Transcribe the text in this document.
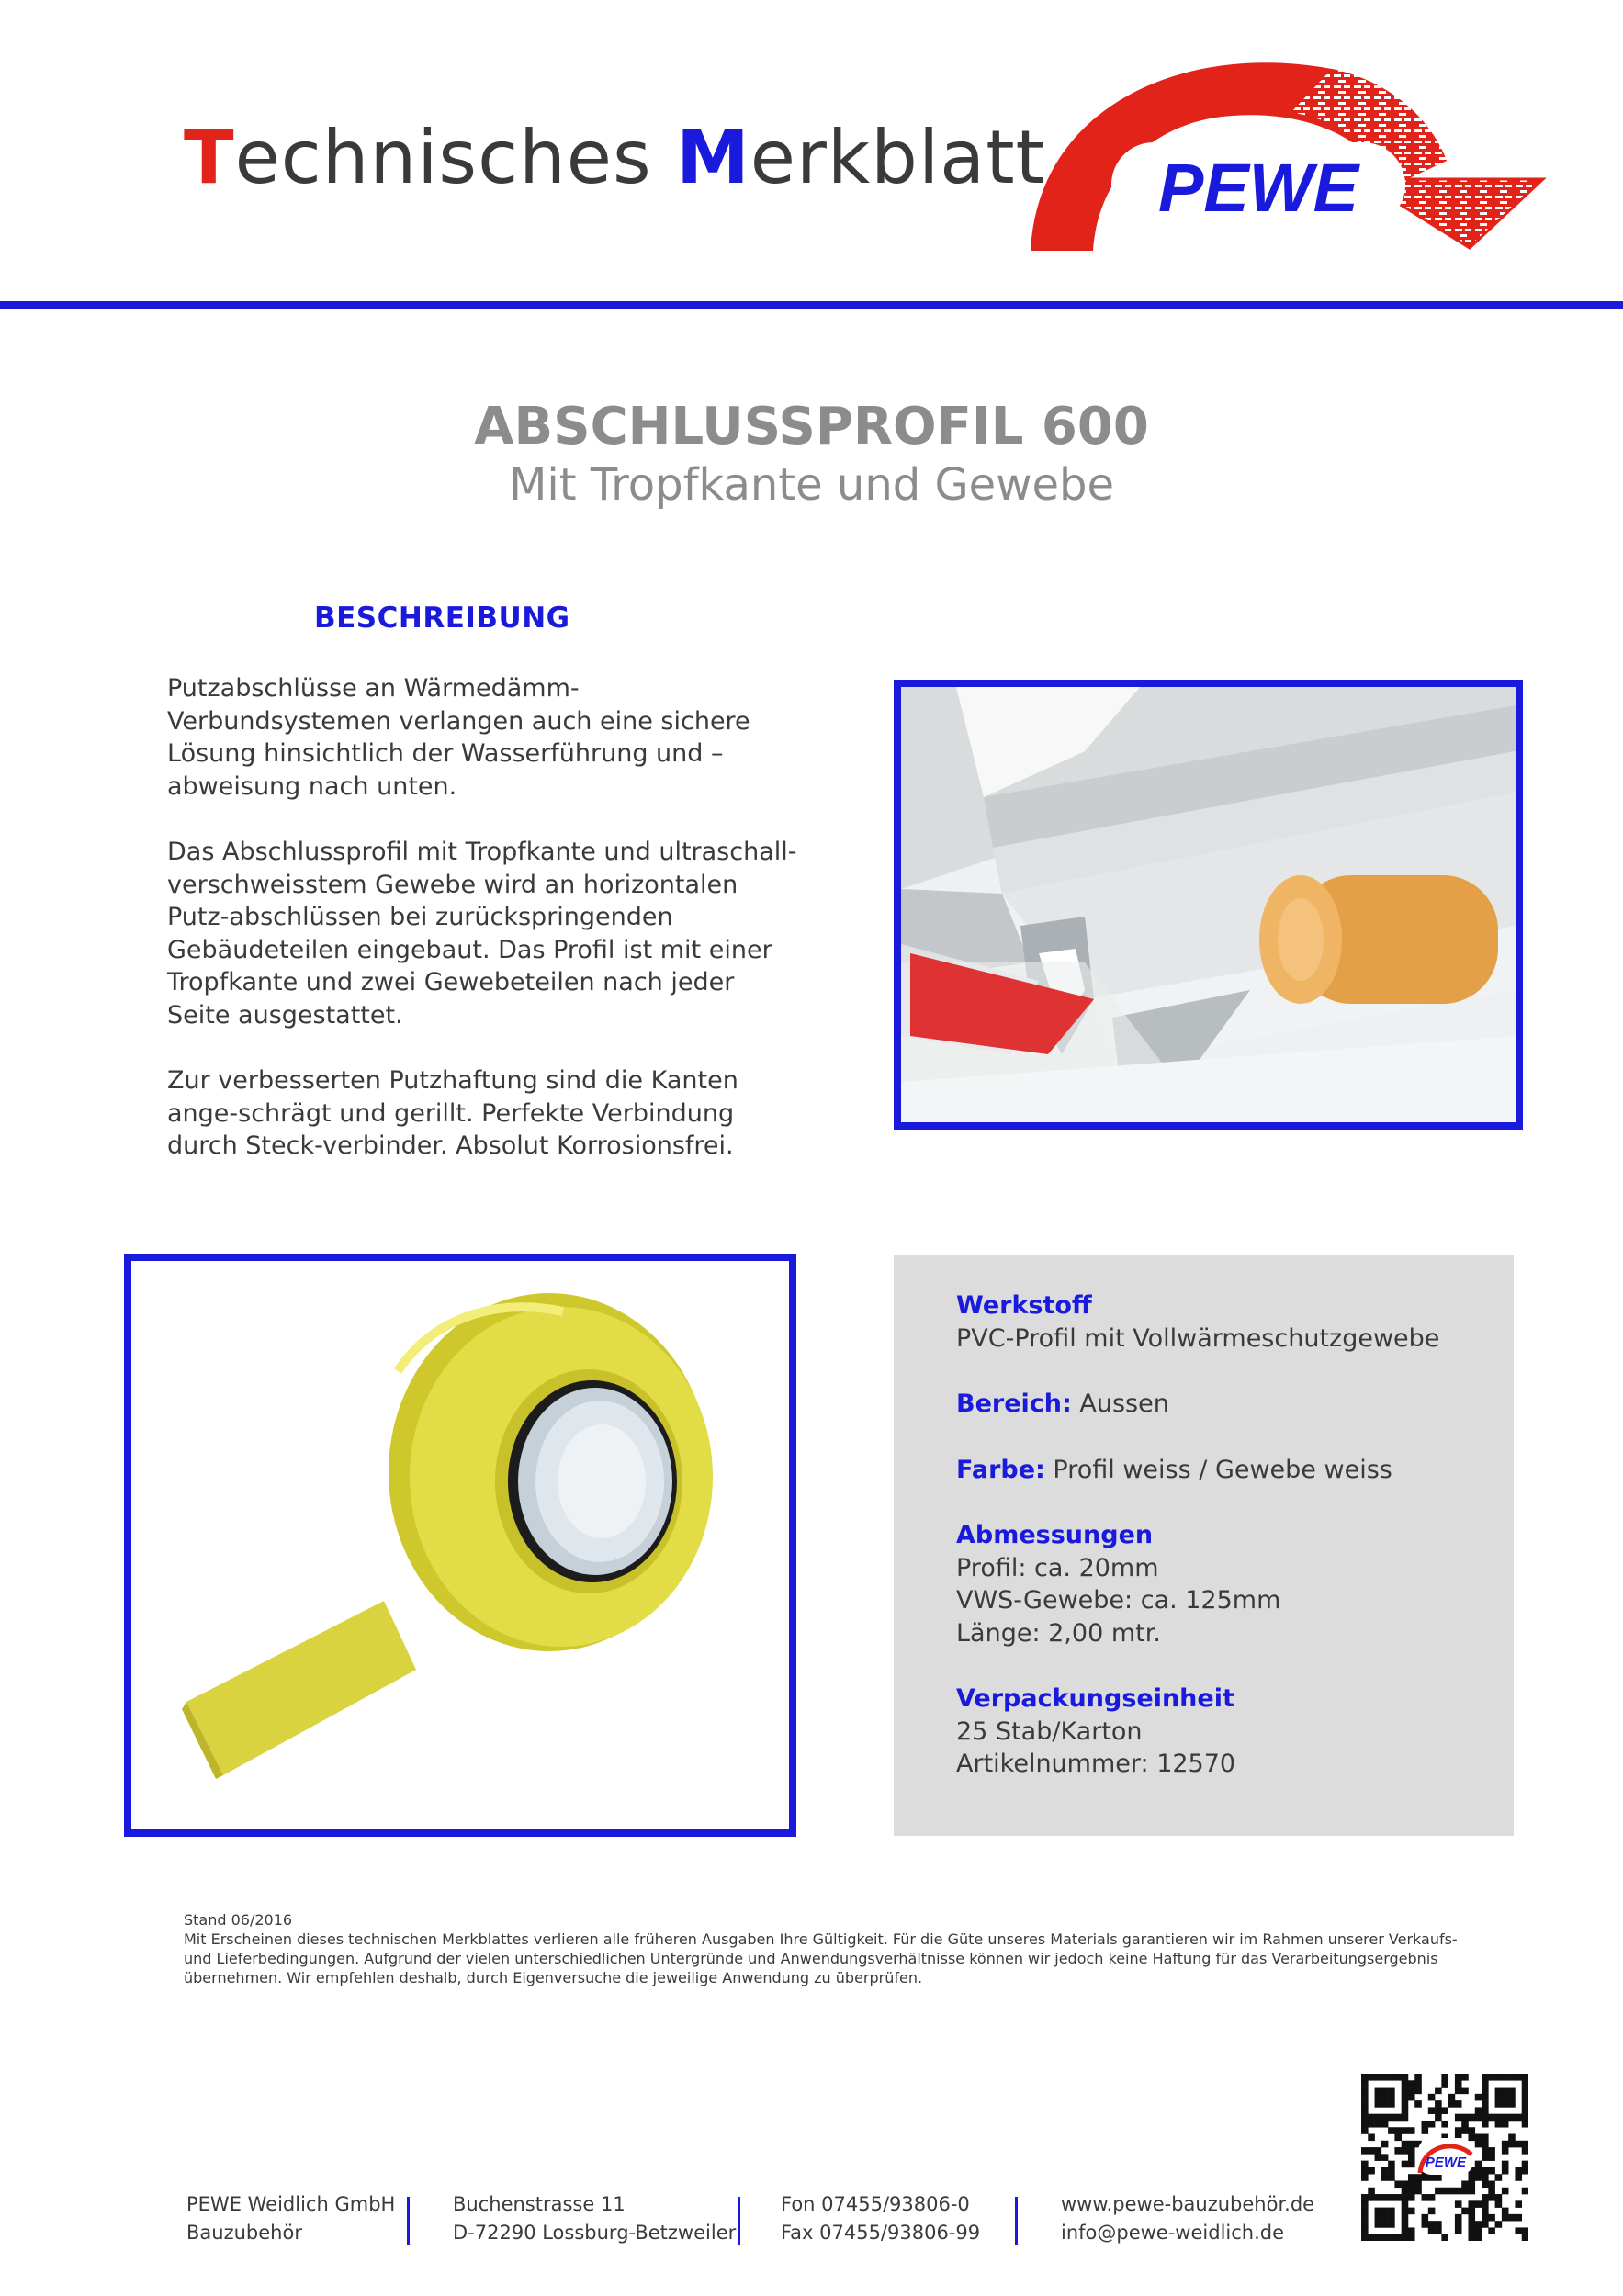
Technisches Merkblatt PEWE
ABSCHLUSSPROFIL 600
Mit Tropfkante und Gewebe
BESCHREIBUNG

Putzabschlüsse an Wärmedämm-Verbundsystemen verlangen auch eine sichere Lösung hinsichtlich der Wasserführung und –abweisung nach unten.

Das Abschlussprofil mit Tropfkante und ultraschall-verschweisstem Gewebe wird an horizontalen Putz-abschlüssen bei zurückspringenden Gebäudeteilen eingebaut. Das Profil ist mit einer Tropfkante und zwei Gewebeteilen nach jeder Seite ausgestattet.

Zur verbesserten Putzhaftung sind die Kanten ange-schrägt und gerillt. Perfekte Verbindung durch Steck-verbinder. Absolut Korrosionsfrei.

Werkstoff
PVC-Profil mit Vollwärmeschutzgewebe
Bereich: Aussen
Farbe: Profil weiss / Gewebe weiss
Abmessungen
Profil: ca. 20mm
VWS-Gewebe: ca. 125mm
Länge: 2,00 mtr.
Verpackungseinheit
25 Stab/Karton
Artikelnummer: 12570

Stand 06/2016

Mit Erscheinen dieses technischen Merkblattes verlieren alle früheren Ausgaben Ihre Gültigkeit. Für die Güte unseres Materials garantieren wir im Rahmen unserer Verkaufs-

und Lieferbedingungen. Aufgrund der vielen unterschiedlichen Untergründe und Anwendungsverhältnisse können wir jedoch keine Haftung für das Verarbeitungsergebnis

übernehmen. Wir empfehlen deshalb, durch Eigenversuche die jeweilige Anwendung zu überprüfen.

PEWE
PEWE Weidlich GmbH
Bauzubehör
Buchenstrasse 11
D-72290 Lossburg-Betzweiler
Fon 07455/93806-0
Fax 07455/93806-99
www.pewe-bauzubehör.de
info@pewe-weidlich.de
